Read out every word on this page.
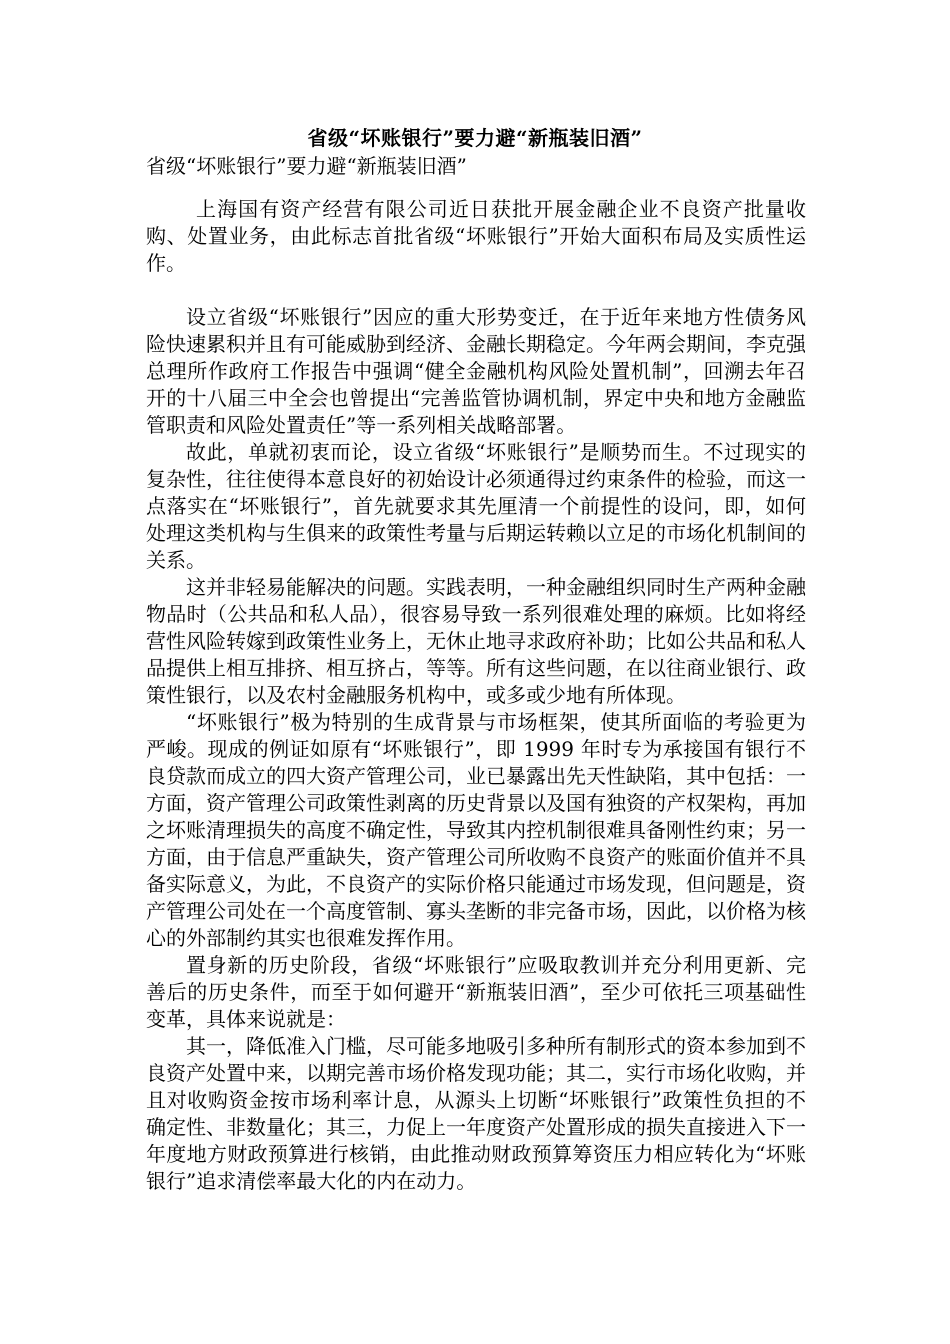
省级“坏账银行”要力避“新瓶装旧酒”
省级“坏账银行”要力避“新瓶装旧酒”

上海国有资产经营有限公司近日获批开展金融企业不良资产批量收购、处置业务，由此标志首批省级“坏账银行”开始大面积布局及实质性运作。

设立省级“坏账银行”因应的重大形势变迁，在于近年来地方性债务风险快速累积并且有可能威胁到经济、金融长期稳定。今年两会期间，李克强总理所作政府工作报告中强调“健全金融机构风险处置机制”，回溯去年召开的十八届三中全会也曾提出“完善监管协调机制，界定中央和地方金融监管职责和风险处置责任”等一系列相关战略部署。

故此，单就初衷而论，设立省级“坏账银行”是顺势而生。不过现实的复杂性，往往使得本意良好的初始设计必须通得过约束条件的检验，而这一点落实在“坏账银行”，首先就要求其先厘清一个前提性的设问，即，如何处理这类机构与生俱来的政策性考量与后期运转赖以立足的市场化机制间的关系。

这并非轻易能解决的问题。实践表明，一种金融组织同时生产两种金融物品时（公共品和私人品），很容易导致一系列很难处理的麻烦。比如将经营性风险转嫁到政策性业务上，无休止地寻求政府补助；比如公共品和私人品提供上相互排挤、相互挤占，等等。所有这些问题，在以往商业银行、政策性银行，以及农村金融服务机构中，或多或少地有所体现。

“坏账银行”极为特别的生成背景与市场框架，使其所面临的考验更为严峻。现成的例证如原有“坏账银行”，即 1999 年时专为承接国有银行不良贷款而成立的四大资产管理公司，业已暴露出先天性缺陷，其中包括：一方面，资产管理公司政策性剥离的历史背景以及国有独资的产权架构，再加之坏账清理损失的高度不确定性，导致其内控机制很难具备刚性约束；另一方面，由于信息严重缺失，资产管理公司所收购不良资产的账面价值并不具备实际意义，为此，不良资产的实际价格只能通过市场发现，但问题是，资产管理公司处在一个高度管制、寡头垄断的非完备市场，因此，以价格为核心的外部制约其实也很难发挥作用。

置身新的历史阶段，省级“坏账银行”应吸取教训并充分利用更新、完善后的历史条件，而至于如何避开“新瓶装旧酒”，至少可依托三项基础性变革，具体来说就是：

其一，降低准入门槛，尽可能多地吸引多种所有制形式的资本参加到不良资产处置中来，以期完善市场价格发现功能；其二，实行市场化收购，并且对收购资金按市场利率计息，从源头上切断“坏账银行”政策性负担的不确定性、非数量化；其三，力促上一年度资产处置形成的损失直接进入下一年度地方财政预算进行核销，由此推动财政预算筹资压力相应转化为“坏账银行”追求清偿率最大化的内在动力。
